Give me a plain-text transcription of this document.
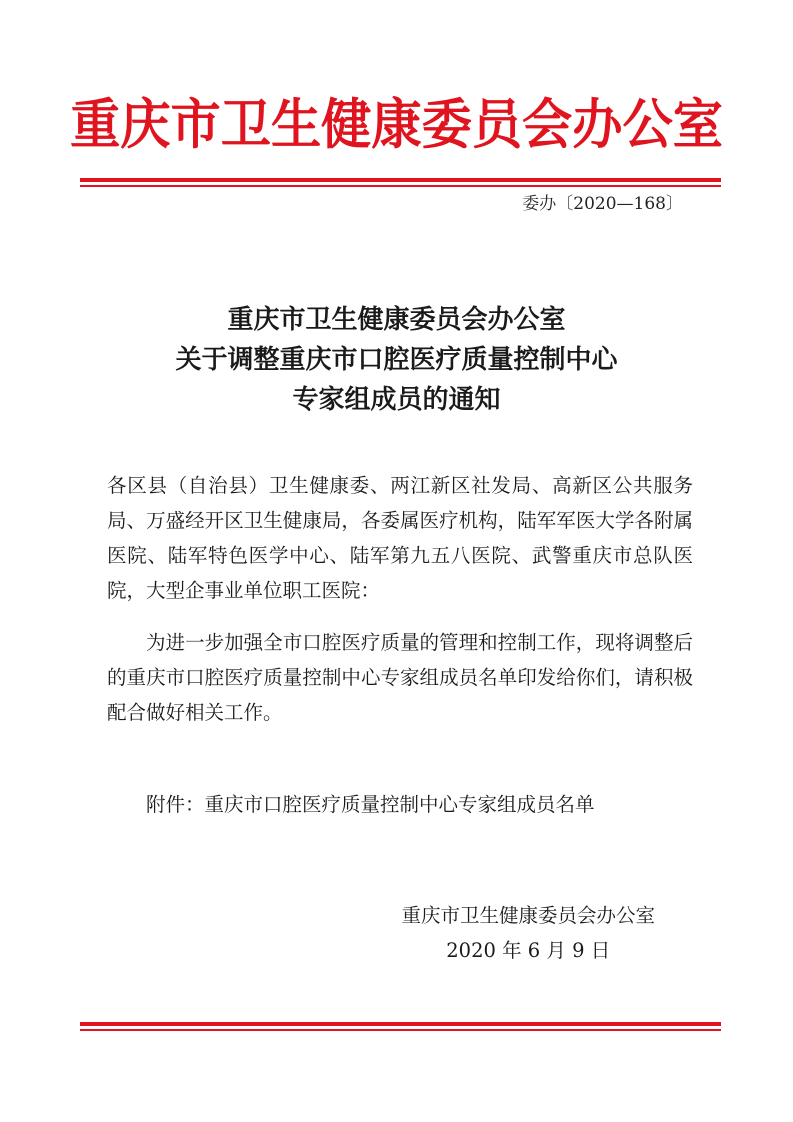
重庆市卫生健康委员会办公室
委办〔2020—168〕
重庆市卫生健康委员会办公室
关于调整重庆市口腔医疗质量控制中心
专家组成员的通知
各区县（自治县）卫生健康委、两江新区社发局、高新区公共服务局、万盛经开区卫生健康局，各委属医疗机构，陆军军医大学各附属医院、陆军特色医学中心、陆军第九五八医院、武警重庆市总队医院，大型企事业单位职工医院：
为进一步加强全市口腔医疗质量的管理和控制工作，现将调整后的重庆市口腔医疗质量控制中心专家组成员名单印发给你们，请积极配合做好相关工作。
附件：重庆市口腔医疗质量控制中心专家组成员名单
重庆市卫生健康委员会办公室
2020 年 6 月 9 日
